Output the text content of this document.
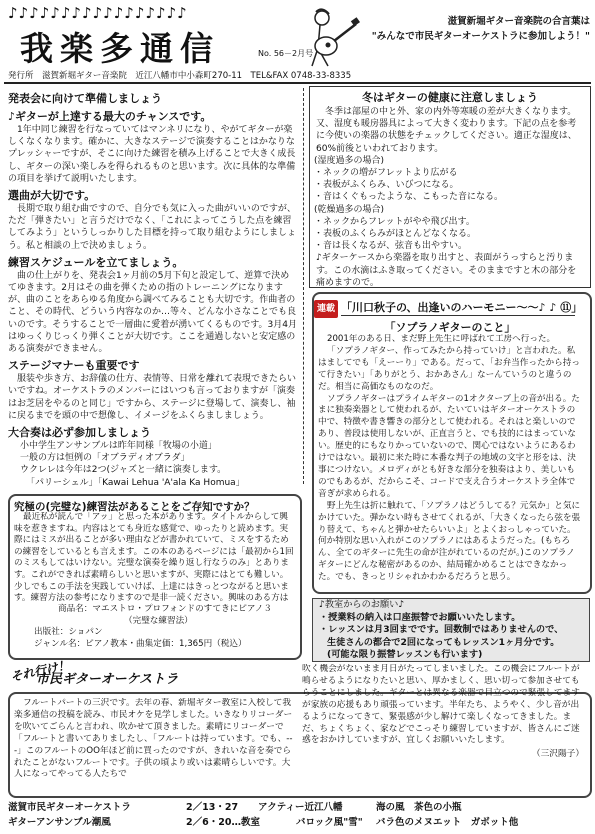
♪♪♪♪♪♪♪♪♪♪♪♪♪♪♪♪♪
我楽多通信	No. 56－2月号
滋賀新堀ギター音楽院の合言葉は
"みんなで市民ギターオーケストラに参加しよう！"
発行所　滋賀新堀ギター音楽院　近江八幡市中小森町270-11　TEL&FAX 0748-33-8335
発表会に向けて準備しましょう
♪ギターが上達する最大のチャンスです。
1年中同じ練習を行なっていてはマンネリになり、やがてギターが楽しくなくなります。確かに、大きなステージで演奏することはかなりなプレッシャーですが、そこに向けた練習を積み上げることで大きく成長し、ギターの深い楽しみを得られるものと思います。次に具体的な準備の項目を挙げて説明いたします。
選曲が大切です。
長期で取り組む曲ですので、自分でも気に入った曲がいいのですが、ただ「弾きたい」と言うだけでなく、「これによってこうした点を練習してみよう」というしっかりした目標を持って取り組むようにしましょう。私と相談の上で決めましょう。
練習スケジュールを立てましょう。
曲の仕上がりを、発表会1ヶ月前の5月下旬と設定して、逆算で決めてゆきます。2月はその曲を弾くための指のトレーニングになりますが、曲のことをあらゆる角度から調べてみることも大切です。作曲者のこと、その時代、どういう内容なのか…等々、どんな小さなことでも良いのです。そうすることで一層曲に愛着が湧いてくるものです。3月4月はゆっくりじっくり弾くことが大切です。ここを通過しないと安定感のある演奏ができません。
ステージマナーも重要です
服装や歩き方、お辞儀の仕方、表情等、日常を離れて表現できたらいいですね。オーケストラのメンバーにはいつも言っておりますが「演奏はお芝居をやるのと同じ」ですから、ステージに登場して、演奏し、袖に戻るまでを頭の中で想像し、イメージをふくらましましょう。
大合奏は必ず参加しましょう
小中学生アンサンブルは昨年同様「牧場の小道」
一般の方は恒例の「オブラディオブラダ」
ウクレレは今年は2つ(ジャズと一緒に演奏します。
「パリーシェル」「Kawai Lehua 'A'ala Ka Homua」
冬はギターの健康に注意しましょう
冬季は部屋の中と外、家の内外等寒暖の差が大きくなります。又、湿度も暖房器具によって大きく変わります。下記の点を参考に今使いの楽器の状態をチェックしてください。適正な湿度は、60%前後といわれております。
(湿度過多の場合)
・ネックの増がフレットより広がる
・表板がふくらみ、いびつになる。
・音はくぐもったような、こもった音になる。
(乾燥過多の場合)
・ネックからフレットがやや飛び出す。
・表板のふくらみがほとんどなくなる。
・音は長くなるが、弦音も出やすい。
♪ギターケースから楽器を取り出すと、表面がうっすらと汚ります。この水滴はふき取ってください。そのままですと木の部分を痛めますので。
連載 「川口秋子の、出逢いのハーモニー～～♪ ♪ ⑪」
「ソプラノギターのこと」
2001年のある日、まだ野上先生に呼ばれて工房へ行った。
「ソプラノギター、作ってみたから持っていけ」と言われた。私はましてでも「えーーり」である。だって、「お弁当作ったから持って行きたい」「ありがとう、おかあさん」なーんていうのと違うのだ。相当に高価なものなのだ。
ソプラノギターはプライムギターの1オクターブ上の音が出る。たまに独奏楽器として使われるが、たいていはギターオーケストラの中で、特徴や書き響きの部分として使われる。それはと楽しいのであり、普段は使用しないが、正直言うと、でも技的にはまっていない。歴史的にもなりかっていないので、関心ではないようにあるわけではない。最初に来た時に本番な判子の地域の文字と形をは、決事につけない。メロディがとも好きな部分を独奏はより、美しいものでもあるが、だからこそ、コードで支え合うオーケストラ全体で音ぎが求められる。
野上先生は折に触れて、「ソプラノはどうしてる？元気か」と気にかけていた。弾かない時もさせてくれるが、「大きくなったら弦を張り替えて、ちゃんと弾かせたらいいよ」とよくおっしゃっていた。何か特別な思い入れがこのソプラノにはあるようだった。(もちろん、全てのギターに先生の命が注がれているのだが。)このソプラノギターにどんな秘密があるのか、結局確かめることはできなかった。でも、きっとリシゃれかわかるだろうと思う。
♪教室からのお願い♪
・授業料の納入は口座振替でお願いいたします。
・レッスンは月3回までです。回数制ではありませんので、
生徒さんの都合で2回になってもレッスン1ヶ月分です。
(可能な限り振替レッスンも行います)
究極の(完璧な)練習法があることをご存知ですか？
最近私が読んで「アッ」と思った本があります。タイトルからして興味を惹きますね。内容はとても身近な感覚で、ゆったりと読めます。実際にはミスが出ることが多い理由などが書かれていて、ミスをするための練習をしているとも言えます。この本のあるページには「最初から1回のミスもしてはいけない。完璧な演奏を繰り返し行なうのみ」とあります。これができれば素晴らしいと思いますが、実際にはとても難しい。少しでもこの手法を実践していけば、上達にはきっとつながると思います。練習方法の参考になりますので是非一読ください。興味のある方は
商品名：マエストロ・プロフォンドのすてきにピアノ３
（完璧な練習法）
出版社：ショパン
ジャンル名：ピアノ教本・曲集定価：1,365円（税込）
それ行け！
市民ギターオーケストラ
フルートパートの三沢です。去年の春、新堀ギター教室に入校して我楽多通信の投稿を読み、市民オケを見学しました。いきなりリコーダーを吹いてごらんと言われ、吹かせて頂きました。素晴にリコーダーで「フルートと書いてありましたし、「フルートは持っています。でも、---」このフルートのOO年ほど前に買ったのですが、きれいな音を奏でられたことがないフルートです。子供の頃より或いは素晴らしいです。大人になってやってる人たちで
吹く機会がないまま月日がたってしまいました。この機会にフルートが鳴らせるようになりたいと思い、厚かましく、思い切って参加させてもらうことにしました。ギターとは異なる楽器で目立つので緊張してますが家族の応援もあり頑張っています。半年たち、ようやく、少し音が出るようになってきて、緊張感が少し解けて楽しくなってきました。まだ、ちょくちょく、家などでこっそり練習していますが、皆さんにご迷惑をおかけしていますが、宜しくお願いいたします。
（三沢陽子）
滋賀市民ギターオーケストラ	2／13・27 アクティー近江八幡	海の風　茶色の小瓶
ギターアンサンブル潮風	2／6・20…教室	バロック風"雪" バラ色のメヌエット　ガボット他
